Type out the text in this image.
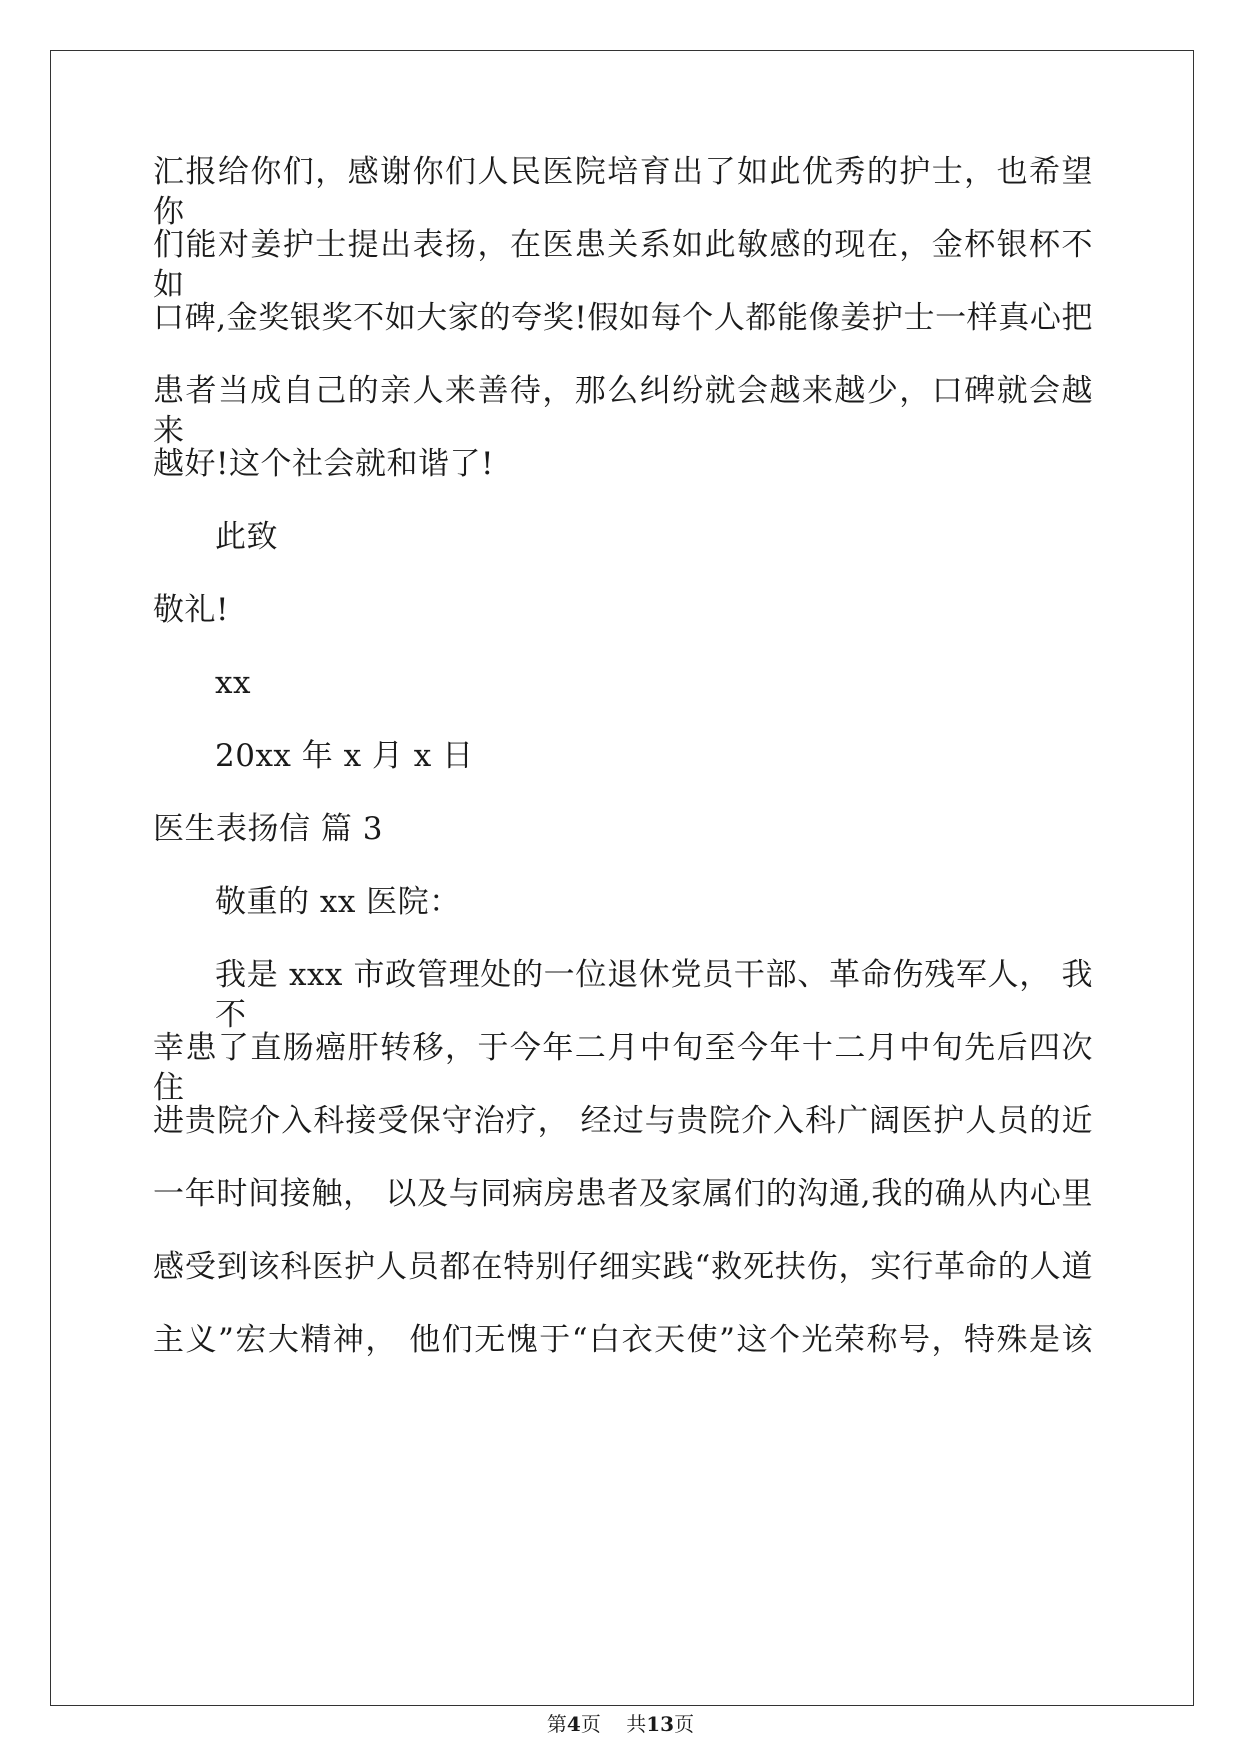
汇报给你们，感谢你们人民医院培育出了如此优秀的护士，也希望你
们能对姜护士提出表扬，在医患关系如此敏感的现在，金杯银杯不如
口碑,金奖银奖不如大家的夸奖!假如每个人都能像姜护士一样真心把
患者当成自己的亲人来善待，那么纠纷就会越来越少，口碑就会越来
越好!这个社会就和谐了!
此致
敬礼!
xx
20xx 年 x 月 x 日
医生表扬信 篇 3
敬重的 xx 医院：
我是 xxx 市政管理处的一位退休党员干部、革命伤残军人， 我不
幸患了直肠癌肝转移，于今年二月中旬至今年十二月中旬先后四次住
进贵院介入科接受保守治疗， 经过与贵院介入科广阔医护人员的近
一年时间接触， 以及与同病房患者及家属们的沟通,我的确从内心里
感受到该科医护人员都在特别仔细实践“救死扶伤，实行革命的人道
主义”宏大精神， 他们无愧于“白衣天使”这个光荣称号，特殊是该
第4页    共13页
